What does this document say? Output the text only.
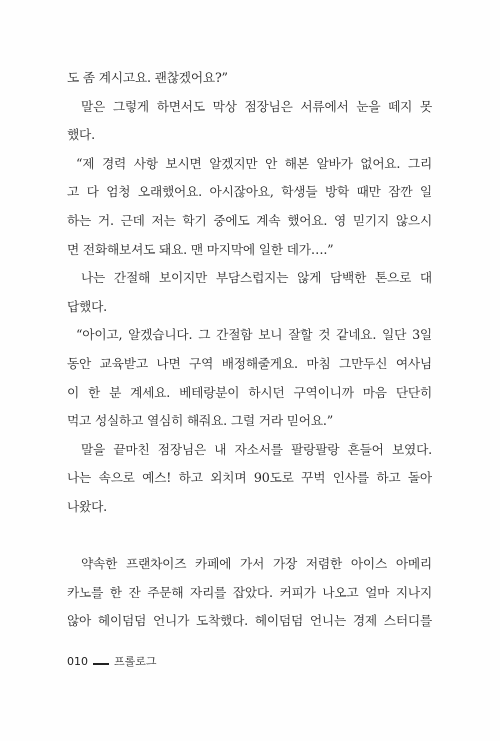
도 좀 계시고요. 괜찮겠어요?”
말은 그렇게 하면서도 막상 점장님은 서류에서 눈을 떼지 못
했다.
“제 경력 사항 보시면 알겠지만 안 해본 알바가 없어요. 그리
고 다 엄청 오래했어요. 아시잖아요, 학생들 방학 때만 잠깐 일
하는 거. 근데 저는 학기 중에도 계속 했어요. 영 믿기지 않으시
면 전화해보셔도 돼요. 맨 마지막에 일한 데가….”
나는 간절해 보이지만 부담스럽지는 않게 담백한 톤으로 대
답했다.
“아이고, 알겠습니다. 그 간절함 보니 잘할 것 같네요. 일단 3일
동안 교육받고 나면 구역 배정해줄게요. 마침 그만두신 여사님
이 한 분 계세요. 베테랑분이 하시던 구역이니까 마음 단단히
먹고 성실하고 열심히 해줘요. 그럴 거라 믿어요.”
말을 끝마친 점장님은 내 자소서를 팔랑팔랑 흔들어 보였다.
나는 속으로 예스! 하고 외치며 90도로 꾸벅 인사를 하고 돌아
나왔다.
약속한 프랜차이즈 카페에 가서 가장 저렴한 아이스 아메리
카노를 한 잔 주문해 자리를 잡았다. 커피가 나오고 얼마 지나지
않아 헤이덤덤 언니가 도착했다. 헤이덤덤 언니는 경제 스터디를
010 프롤로그
